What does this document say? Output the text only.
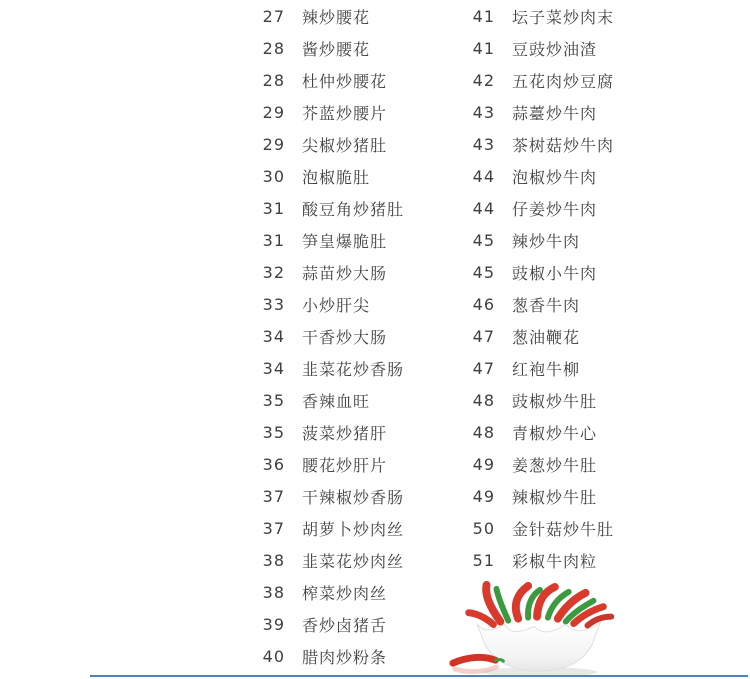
27 辣炒腰花
28 酱炒腰花
28 杜仲炒腰花
29 芥蓝炒腰片
29 尖椒炒猪肚
30 泡椒脆肚
31 酸豆角炒猪肚
31 笋皇爆脆肚
32 蒜苗炒大肠
33 小炒肝尖
34 干香炒大肠
34 韭菜花炒香肠
35 香辣血旺
35 菠菜炒猪肝
36 腰花炒肝片
37 干辣椒炒香肠
37 胡萝卜炒肉丝
38 韭菜花炒肉丝
38 榨菜炒肉丝
39 香炒卤猪舌
40 腊肉炒粉条
41 坛子菜炒肉末
41 豆豉炒油渣
42 五花肉炒豆腐
43 蒜薹炒牛肉
43 茶树菇炒牛肉
44 泡椒炒牛肉
44 仔姜炒牛肉
45 辣炒牛肉
45 豉椒小牛肉
46 葱香牛肉
47 葱油鞭花
47 红袍牛柳
48 豉椒炒牛肚
48 青椒炒牛心
49 姜葱炒牛肚
49 辣椒炒牛肚
50 金针菇炒牛肚
51 彩椒牛肉粒
